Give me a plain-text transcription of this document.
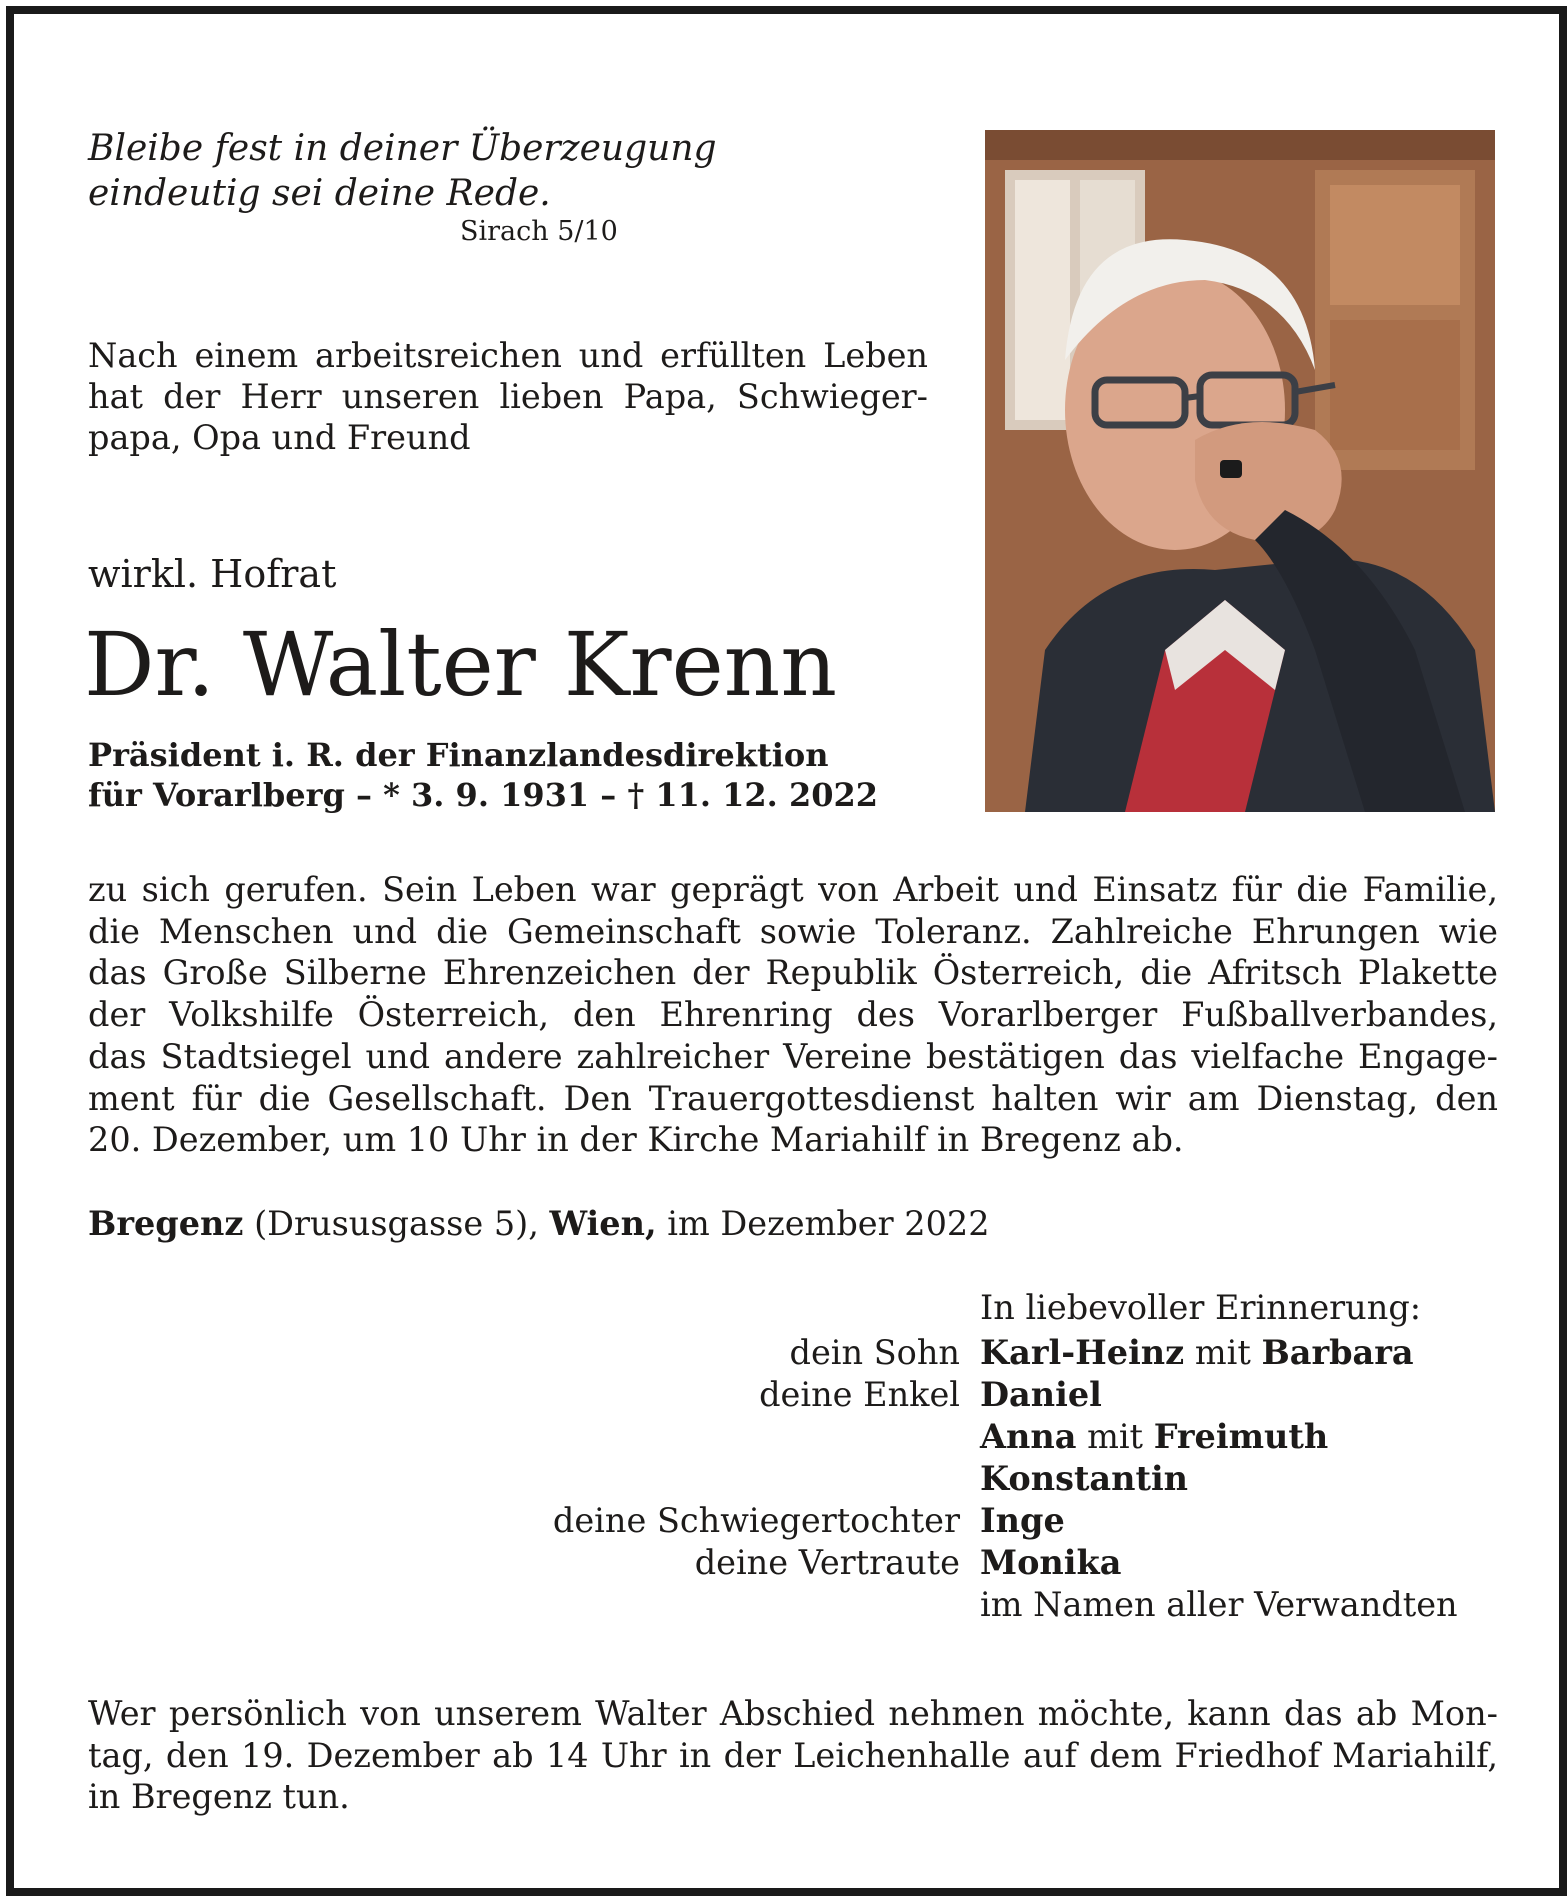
Bleibe fest in deiner Überzeugung
eindeutig sei deine Rede.
Sirach 5/10
Nach einem arbeitsreichen und erfüllten Leben
hat der Herr unseren lieben Papa, Schwieger-
papa, Opa und Freund
wirkl. Hofrat
Dr. Walter Krenn
Präsident i. R. der Finanzlandesdirektion
für Vorarlberg – * 3. 9. 1931 – † 11. 12. 2022
zu sich gerufen. Sein Leben war geprägt von Arbeit und Einsatz für die Familie,
die Menschen und die Gemeinschaft sowie Toleranz. Zahlreiche Ehrungen wie
das Große Silberne Ehrenzeichen der Republik Österreich, die Afritsch Plakette
der Volkshilfe Österreich, den Ehrenring des Vorarlberger Fußballverbandes,
das Stadtsiegel und andere zahlreicher Vereine bestätigen das vielfache Engage-
ment für die Gesellschaft. Den Trauergottesdienst halten wir am Dienstag, den
20. Dezember, um 10 Uhr in der Kirche Mariahilf in Bregenz ab.
Bregenz (Drususgasse 5), Wien, im Dezember 2022
In liebevoller Erinnerung:
dein Sohn Karl-Heinz mit Barbara
deine Enkel Daniel
Anna mit Freimuth
Konstantin
deine Schwiegertochter Inge
deine Vertraute Monika
im Namen aller Verwandten
Wer persönlich von unserem Walter Abschied nehmen möchte, kann das ab Mon-
tag, den 19. Dezember ab 14 Uhr in der Leichenhalle auf dem Friedhof Mariahilf,
in Bregenz tun.
